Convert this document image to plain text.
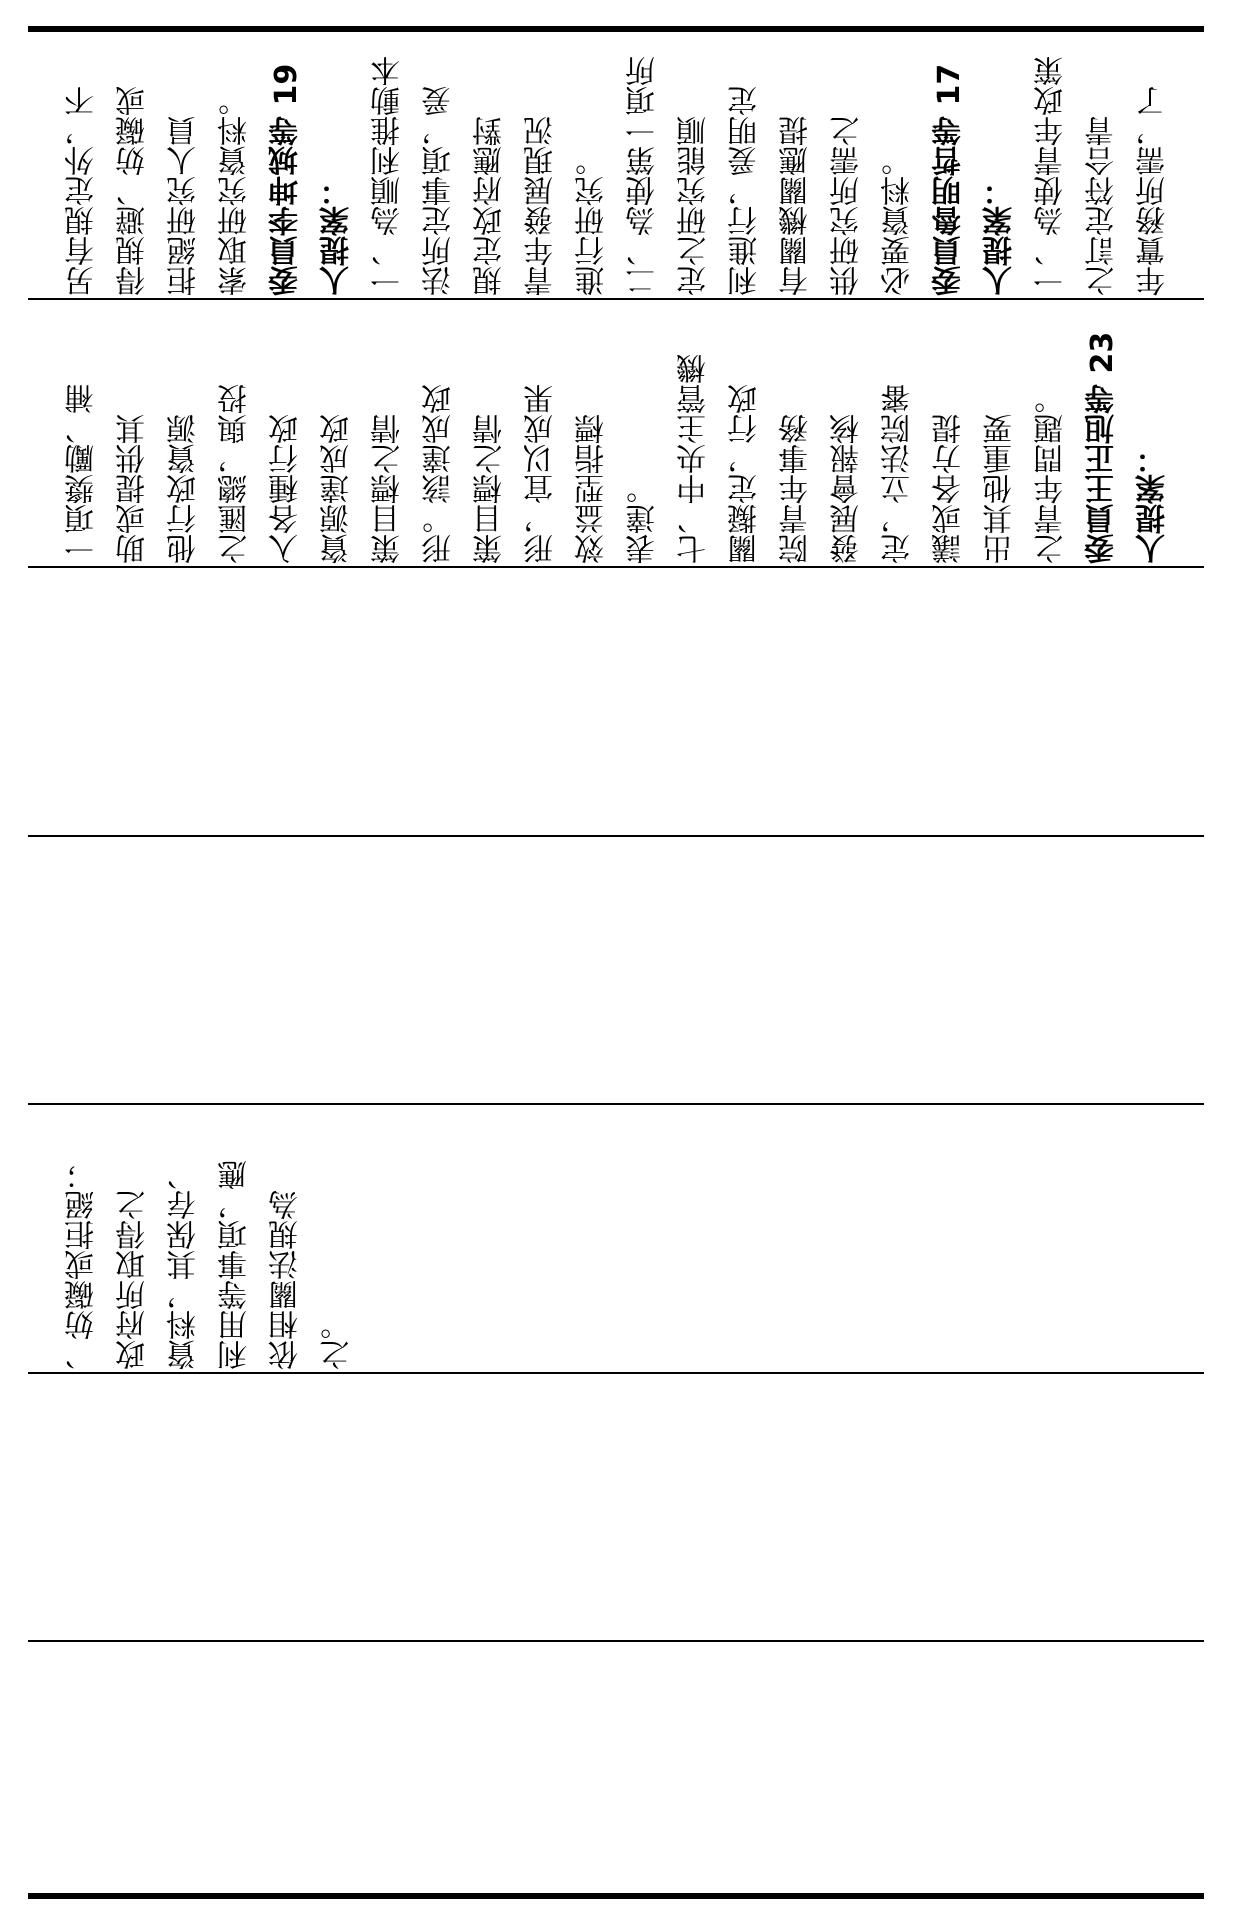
另有規定外，不 得規避、妨礙或 拒絕研究人員 索取研究資料。 委員李坤城等 19 人提案： 一、為順利推動本 法所定事項，爰 規定政府應對 青年發展現況 進行研究。 二、為使第一項所 定之研究能順 利進行，爰明定 有關機關應提 供研究所需之 必要資料。 委員魯明哲等 17 人提案： 一、為使青年政策 之訂定符合青 年實務所需，了
一項獎勵、補 助或提供其 他行政資源 之匯總，與投 入各種行政 資源達成政 策目標之情 形。該達成政 策目標之情 形，宜以成果 效益型指標 表達。 七、中央主管機 關擬定，行政 院青年事務 發展會報核 定，立法院審 議或各方提 出其他重要 之青年問題。 委員王正旭等 23 人提案：
、妨礙或拒絕； 政府所取得之 資料，其保存、 利用等事項，應 依相關法規為 之。
